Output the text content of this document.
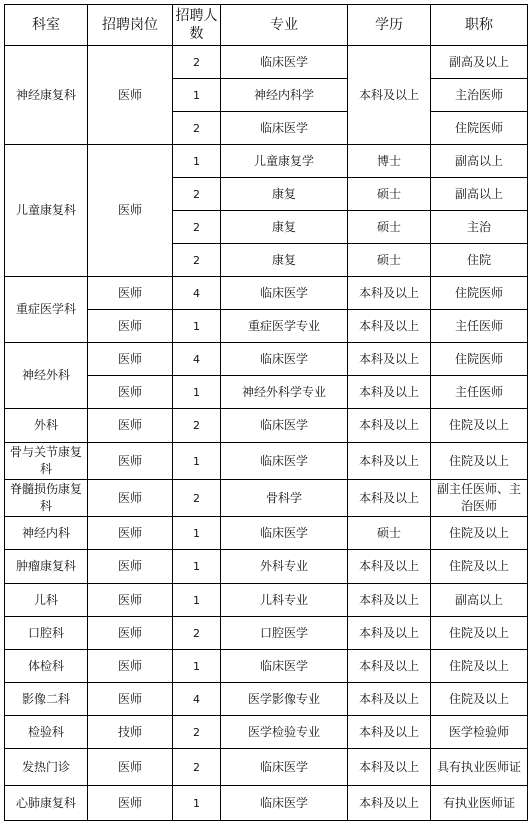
科室	招聘岗位	招聘人数	专业	学历	职称
神经康复科	医师	2	临床医学	本科及以上	副高及以上
		1	神经内科学		主治医师
		2	临床医学		住院医师
儿童康复科	医师	1	儿童康复学	博士	副高以上
		2	康复	硕士	副高以上
		2	康复	硕士	主治
		2	康复	硕士	住院
重症医学科	医师	4	临床医学	本科及以上	住院医师
	医师	1	重症医学专业	本科及以上	主任医师
神经外科	医师	4	临床医学	本科及以上	住院医师
	医师	1	神经外科学专业	本科及以上	主任医师
外科	医师	2	临床医学	本科及以上	住院及以上
骨与关节康复科	医师	1	临床医学	本科及以上	住院及以上
脊髓损伤康复科	医师	2	骨科学	本科及以上	副主任医师、主治医师
神经内科	医师	1	临床医学	硕士	住院及以上
肿瘤康复科	医师	1	外科专业	本科及以上	住院及以上
儿科	医师	1	儿科专业	本科及以上	副高以上
口腔科	医师	2	口腔医学	本科及以上	住院及以上
体检科	医师	1	临床医学	本科及以上	住院及以上
影像二科	医师	4	医学影像专业	本科及以上	住院及以上
检验科	技师	2	医学检验专业	本科及以上	医学检验师
发热门诊	医师	2	临床医学	本科及以上	具有执业医师证
心肺康复科	医师	1	临床医学	本科及以上	有执业医师证
